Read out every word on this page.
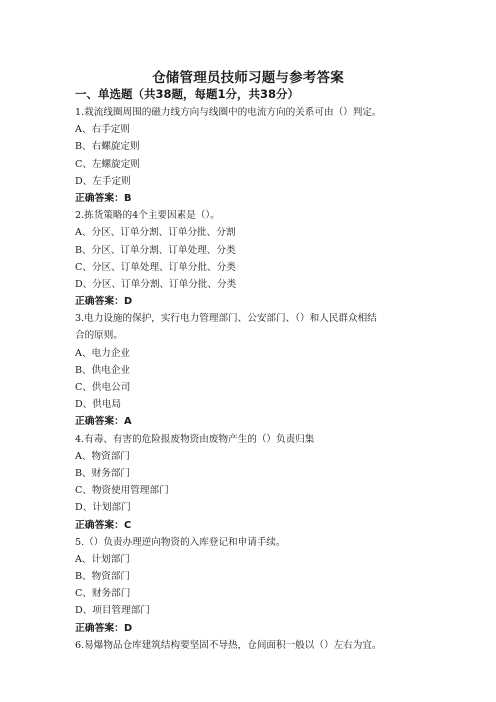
仓储管理员技师习题与参考答案
一、单选题（共38题，每题1分，共38分）
1.栽流线圈周围的磁力线方向与线圈中的电流方向的关系可由（）判定。
A、右手定则
B、右螺旋定则
C、左螺旋定则
D、左手定则
正确答案：B
2.拣货策略的4个主要因素是（）。
A、分区、订单分割、订单分批、分割
B、分区、订单分割、订单处理、分类
C、分区、订单处理、订单分批、分类
D、分区、订单分割、订单分批、分类
正确答案：D
3.电力设施的保护，实行电力管理部门、公安部门、（）和人民群众相结
合的原则。
A、电力企业
B、供电企业
C、供电公司
D、供电局
正确答案：A
4.有毒、有害的危险报废物资由废物产生的（）负责归集
A、物资部门
B、财务部门
C、物资使用管理部门
D、计划部门
正确答案：C
5.（）负责办理逆向物资的入库登记和申请手续。
A、计划部门
B、物资部门
C、财务部门
D、项目管理部门
正确答案：D
6.易爆物品仓库建筑结构要坚固不导热，仓间面积一般以（）左右为宜。
